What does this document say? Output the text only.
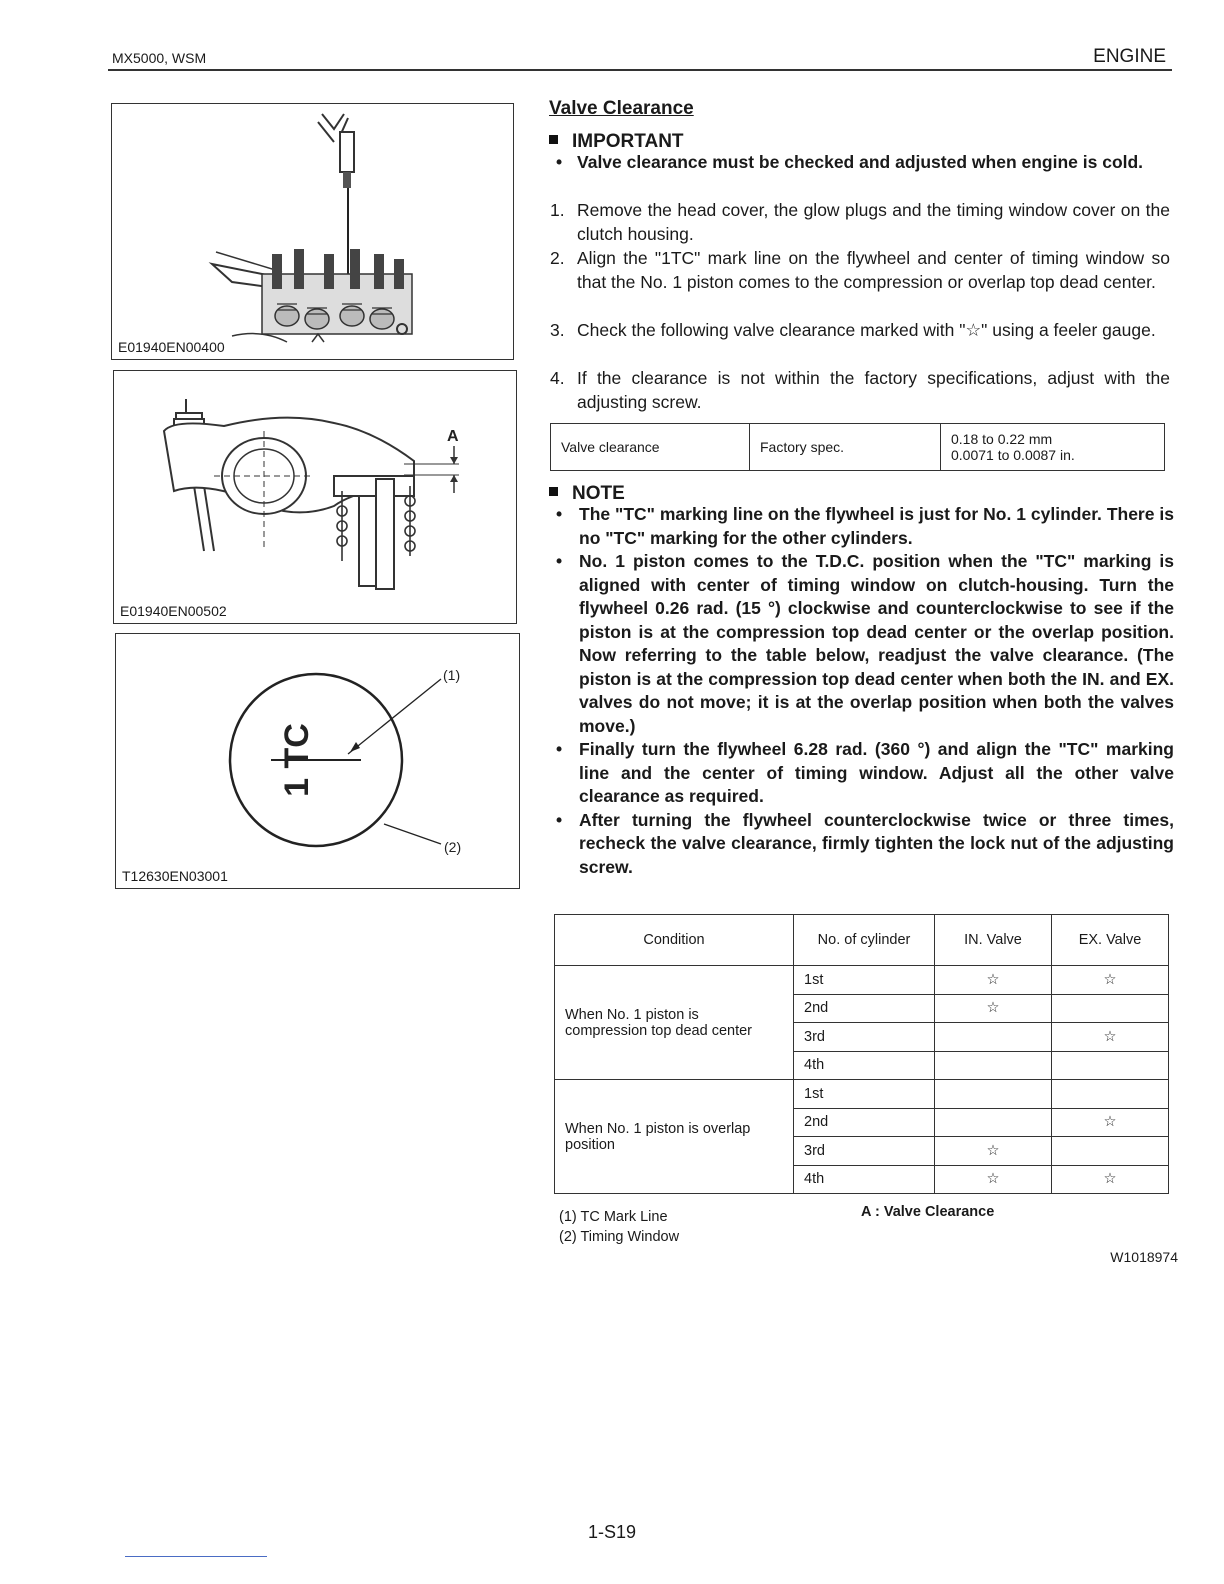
MX5000, WSM	ENGINE
E01940EN00400
A
E01940EN00502
1 TC
(1)
(2)
T12630EN03001
Valve Clearance
IMPORTANT
• Valve clearance must be checked and adjusted when engine is cold.
1. Remove the head cover, the glow plugs and the timing window cover on the clutch housing.
2. Align the "1TC" mark line on the flywheel and center of timing window so that the No. 1 piston comes to the compression or overlap top dead center.
3. Check the following valve clearance marked with "☆" using a feeler gauge.
4. If the clearance is not within the factory specifications, adjust with the adjusting screw.
Valve clearance	Factory spec.	0.18 to 0.22 mm
0.0071 to 0.0087 in.
NOTE
• The "TC" marking line on the flywheel is just for No. 1 cylinder. There is no "TC" marking for the other cylinders.
• No. 1 piston comes to the T.D.C. position when the "TC" marking is aligned with center of timing window on clutch-housing. Turn the flywheel 0.26 rad. (15 °) clockwise and counterclockwise to see if the piston is at the compression top dead center or the overlap position. Now referring to the table below, readjust the valve clearance. (The piston is at the compression top dead center when both the IN. and EX. valves do not move; it is at the overlap position when both the valves move.)
• Finally turn the flywheel 6.28 rad. (360 °) and align the "TC" marking line and the center of timing window. Adjust all the other valve clearance as required.
• After turning the flywheel counterclockwise twice or three times, recheck the valve clearance, firmly tighten the lock nut of the adjusting screw.
Condition	No. of cylinder	IN. Valve	EX. Valve
When No. 1 piston is compression top dead center	1st	☆	☆
	2nd	☆	
	3rd		☆
	4th		
When No. 1 piston is overlap position	1st		
	2nd		☆
	3rd	☆	
	4th	☆	☆
(1) TC Mark Line
(2) Timing Window
A : Valve Clearance
W1018974
1-S19
